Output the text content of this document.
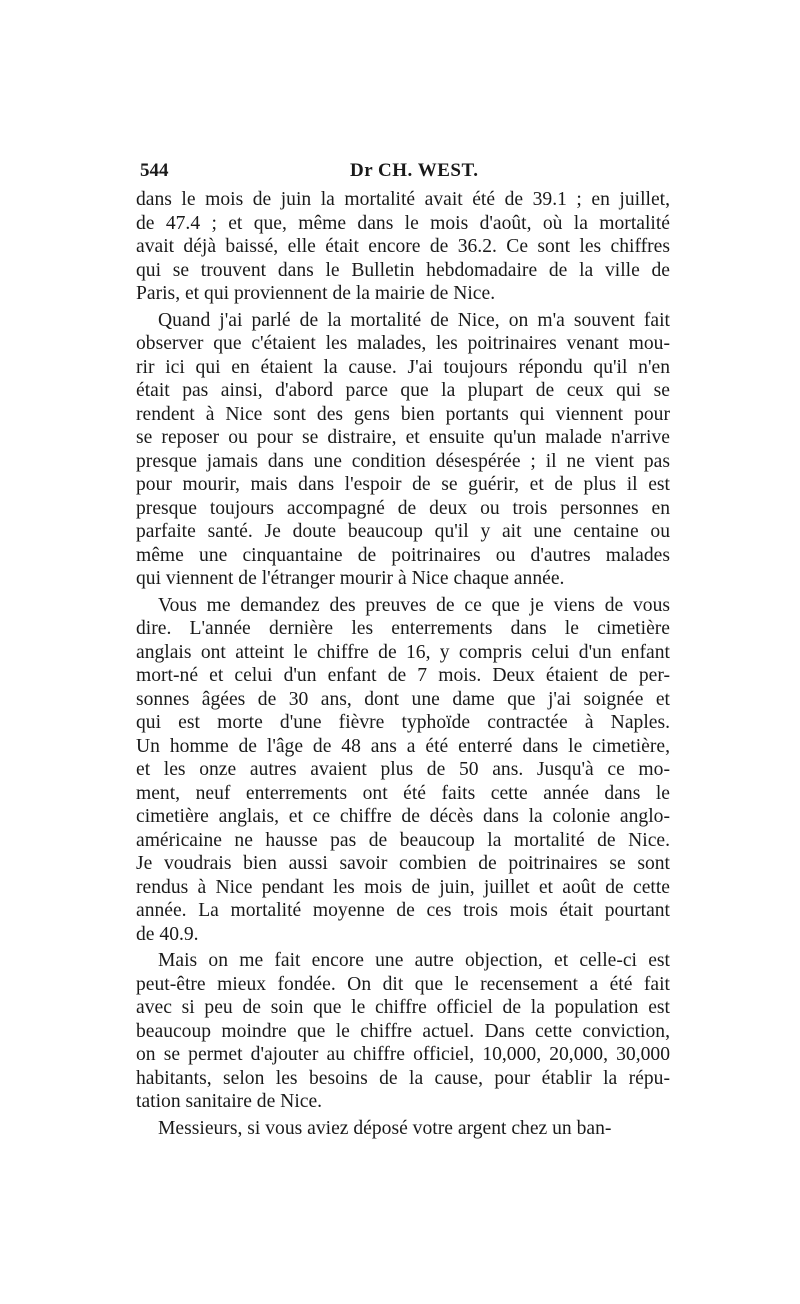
544	Dr CH. WEST.
dans le mois de juin la mortalité avait été de 39.1 ; en juillet,
de 47.4 ; et que, même dans le mois d'août, où la mortalité
avait déjà baissé, elle était encore de 36.2. Ce sont les chiffres
qui se trouvent dans le Bulletin hebdomadaire de la ville de
Paris, et qui proviennent de la mairie de Nice.
Quand j'ai parlé de la mortalité de Nice, on m'a souvent fait
observer que c'étaient les malades, les poitrinaires venant mou-
rir ici qui en étaient la cause. J'ai toujours répondu qu'il n'en
était pas ainsi, d'abord parce que la plupart de ceux qui se
rendent à Nice sont des gens bien portants qui viennent pour
se reposer ou pour se distraire, et ensuite qu'un malade n'arrive
presque jamais dans une condition désespérée ; il ne vient pas
pour mourir, mais dans l'espoir de se guérir, et de plus il est
presque toujours accompagné de deux ou trois personnes en
parfaite santé. Je doute beaucoup qu'il y ait une centaine ou
même une cinquantaine de poitrinaires ou d'autres malades
qui viennent de l'étranger mourir à Nice chaque année.
Vous me demandez des preuves de ce que je viens de vous
dire. L'année dernière les enterrements dans le cimetière
anglais ont atteint le chiffre de 16, y compris celui d'un enfant
mort-né et celui d'un enfant de 7 mois. Deux étaient de per-
sonnes âgées de 30 ans, dont une dame que j'ai soignée et
qui est morte d'une fièvre typhoïde contractée à Naples.
Un homme de l'âge de 48 ans a été enterré dans le cimetière,
et les onze autres avaient plus de 50 ans. Jusqu'à ce mo-
ment, neuf enterrements ont été faits cette année dans le
cimetière anglais, et ce chiffre de décès dans la colonie anglo-
américaine ne hausse pas de beaucoup la mortalité de Nice.
Je voudrais bien aussi savoir combien de poitrinaires se sont
rendus à Nice pendant les mois de juin, juillet et août de cette
année. La mortalité moyenne de ces trois mois était pourtant
de 40.9.
Mais on me fait encore une autre objection, et celle-ci est
peut-être mieux fondée. On dit que le recensement a été fait
avec si peu de soin que le chiffre officiel de la population est
beaucoup moindre que le chiffre actuel. Dans cette conviction,
on se permet d'ajouter au chiffre officiel, 10,000, 20,000, 30,000
habitants, selon les besoins de la cause, pour établir la répu-
tation sanitaire de Nice.
Messieurs, si vous aviez déposé votre argent chez un ban-
